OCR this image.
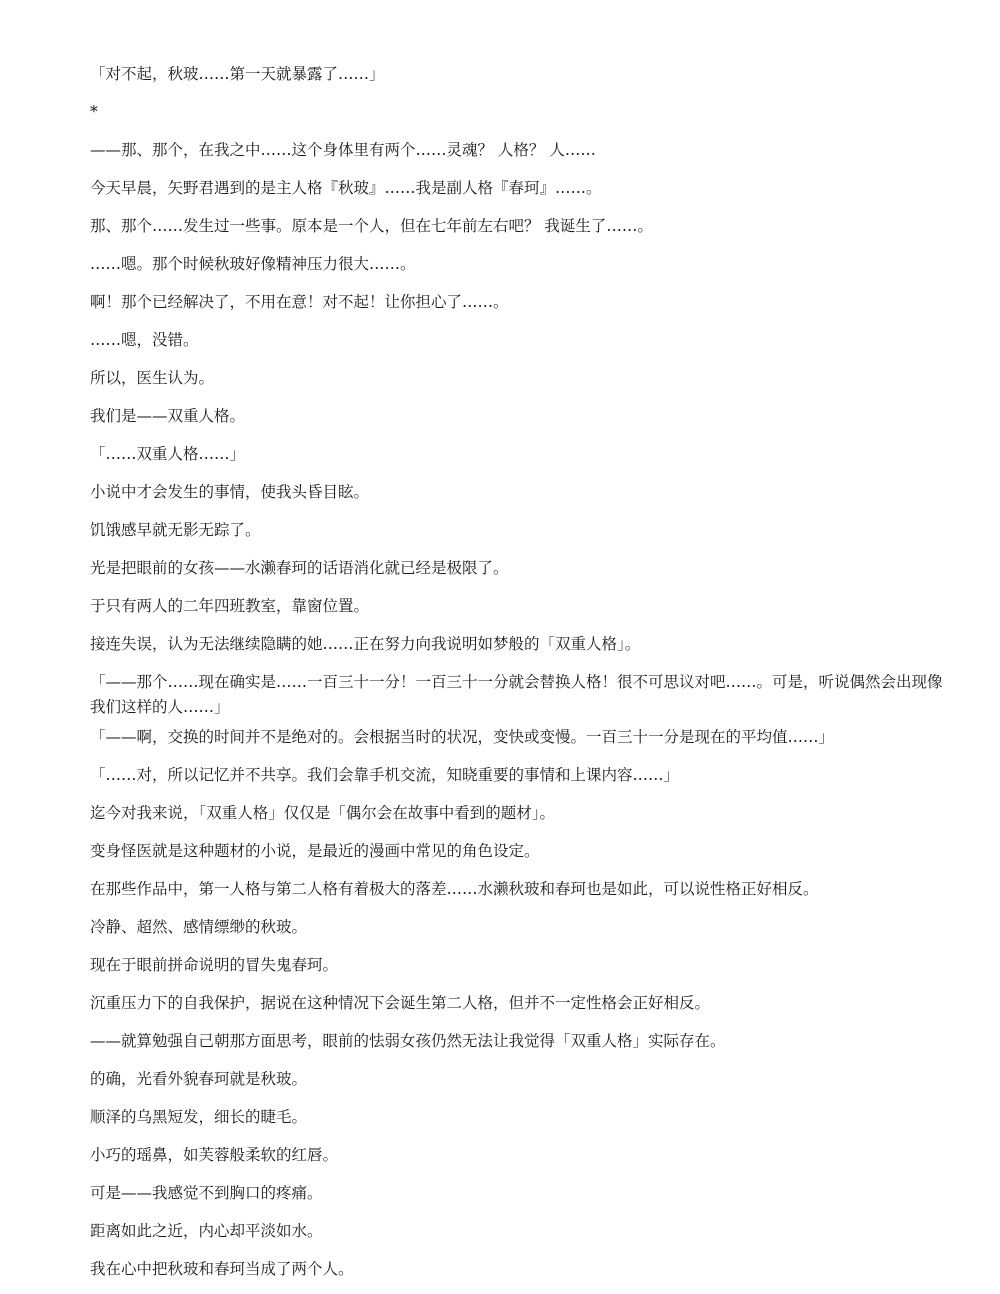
「对不起，秋玻……第一天就暴露了……」

*

——那、那个，在我之中……这个身体里有两个……灵魂？ 人格？ 人……

今天早晨，矢野君遇到的是主人格『秋玻』……我是副人格『春珂』……。

那、那个……发生过一些事。原本是一个人，但在七年前左右吧？ 我诞生了……。

……嗯。那个时候秋玻好像精神压力很大……。

啊！那个已经解决了，不用在意！对不起！让你担心了……。

……嗯，没错。

所以，医生认为。

我们是——双重人格。

「……双重人格……」

小说中才会发生的事情，使我头昏目眩。

饥饿感早就无影无踪了。

光是把眼前的女孩——水濑春珂的话语消化就已经是极限了。

于只有两人的二年四班教室，靠窗位置。

接连失误，认为无法继续隐瞒的她……正在努力向我说明如梦般的「双重人格」。

「——那个……现在确实是……一百三十一分！一百三十一分就会替换人格！很不可思议对吧……。可是，听说偶然会出现像我们这样的人……」

「——啊，交换的时间并不是绝对的。会根据当时的状况，变快或变慢。一百三十一分是现在的平均值……」

「……对，所以记忆并不共享。我们会靠手机交流，知晓重要的事情和上课内容……」

迄今对我来说，「双重人格」仅仅是「偶尔会在故事中看到的题材」。

变身怪医就是这种题材的小说，是最近的漫画中常见的角色设定。

在那些作品中，第一人格与第二人格有着极大的落差……水濑秋玻和春珂也是如此，可以说性格正好相反。

冷静、超然、感情缥缈的秋玻。

现在于眼前拼命说明的冒失鬼春珂。

沉重压力下的自我保护，据说在这种情况下会诞生第二人格，但并不一定性格会正好相反。

——就算勉强自己朝那方面思考，眼前的怯弱女孩仍然无法让我觉得「双重人格」实际存在。

的确，光看外貌春珂就是秋玻。

顺泽的乌黑短发，细长的睫毛。

小巧的瑶鼻，如芙蓉般柔软的红唇。

可是——我感觉不到胸口的疼痛。

距离如此之近，内心却平淡如水。

我在心中把秋玻和春珂当成了两个人。
